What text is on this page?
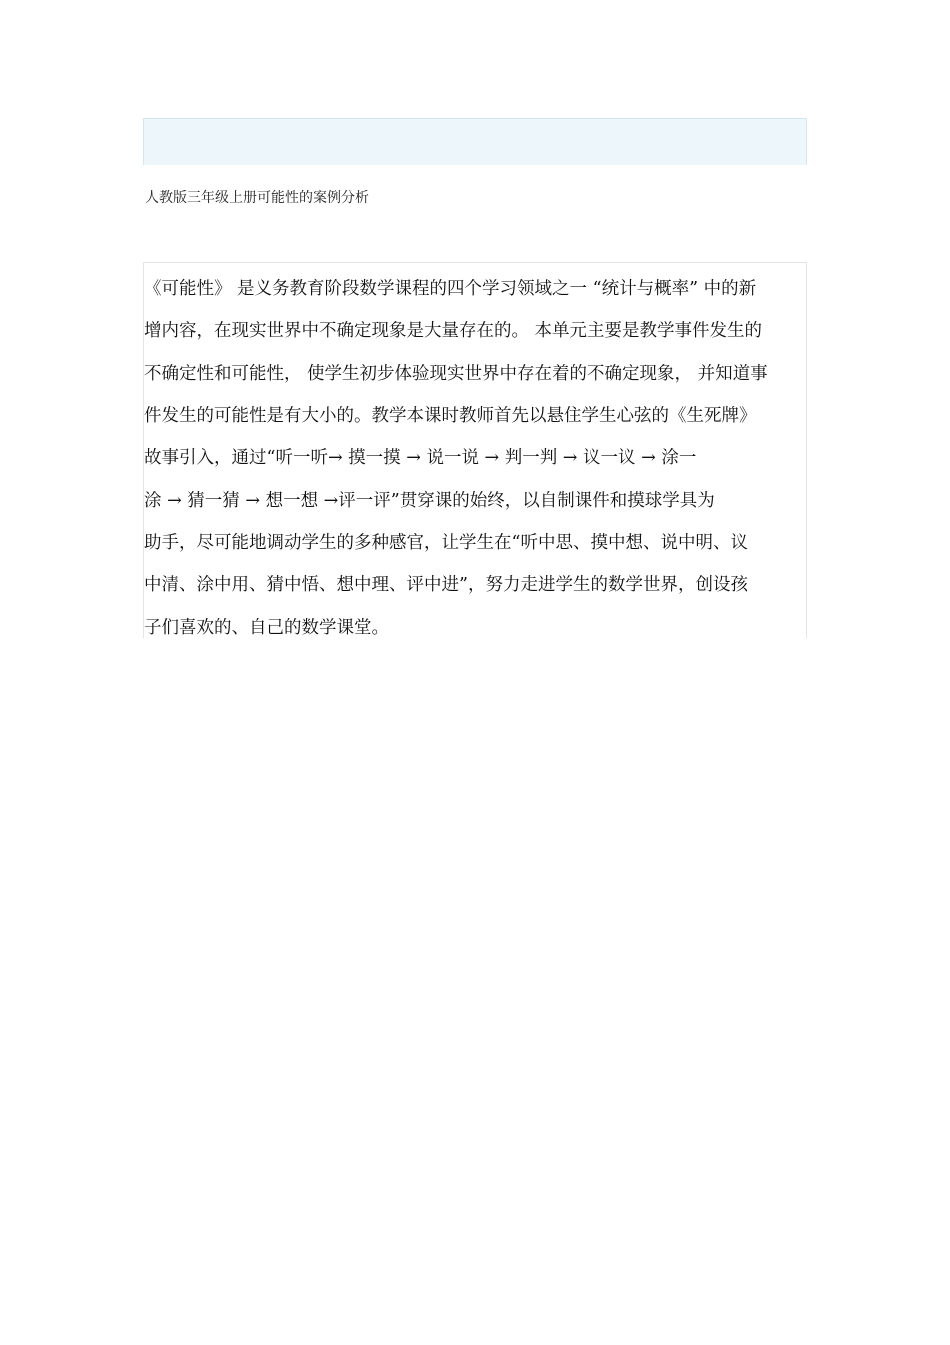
人教版三年级上册可能性的案例分析
《可能性》 是义务教育阶段数学课程的四个学习领域之一 “统计与概率” 中的新
增内容，在现实世界中不确定现象是大量存在的。 本单元主要是教学事件发生的
不确定性和可能性， 使学生初步体验现实世界中存在着的不确定现象， 并知道事
件发生的可能性是有大小的。教学本课时教师首先以悬住学生心弦的《生死牌》
故事引入，通过“听一听→ 摸一摸 → 说一说 → 判一判 → 议一议 → 涂一
涂 → 猜一猜 → 想一想 →评一评”贯穿课的始终，以自制课件和摸球学具为
助手，尽可能地调动学生的多种感官，让学生在“听中思、摸中想、说中明、议
中清、涂中用、猜中悟、想中理、评中进”，努力走进学生的数学世界，创设孩
子们喜欢的、自己的数学课堂。
